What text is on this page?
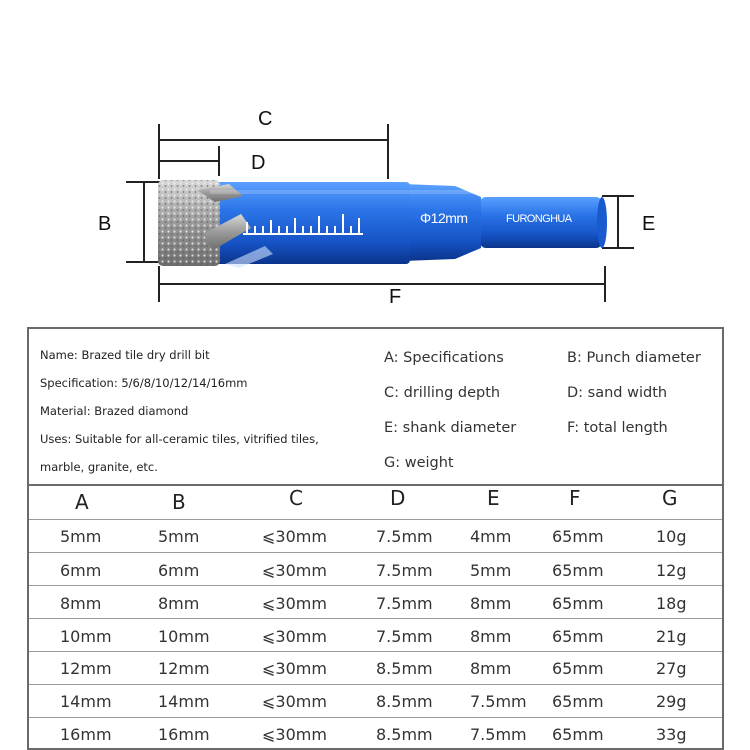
C
D
B	E
F
Φ12mm	FURONGHUA
Name: Brazed tile dry drill bit
Specification: 5/6/8/10/12/14/16mm
Material: Brazed diamond
Uses: Suitable for all-ceramic tiles, vitrified tiles,
marble, granite, etc.
A: Specifications	B: Punch diameter
C: drilling depth	D: sand width
E: shank diameter	F: total length
G: weight
A	B	C	D	E	F	G
5mm	5mm	⩽30mm	7.5mm 4mm	65mm	10g
6mm	6mm	⩽30mm	7.5mm 5mm	65mm	12g
8mm	8mm	⩽30mm	7.5mm 8mm	65mm	18g
10mm	10mm	⩽30mm	7.5mm 8mm	65mm	21g
12mm	12mm	⩽30mm	8.5mm 8mm	65mm	27g
14mm	14mm	⩽30mm	8.5mm 7.5mm 65mm	29g
16mm	16mm	⩽30mm	8.5mm 7.5mm 65mm	33g
